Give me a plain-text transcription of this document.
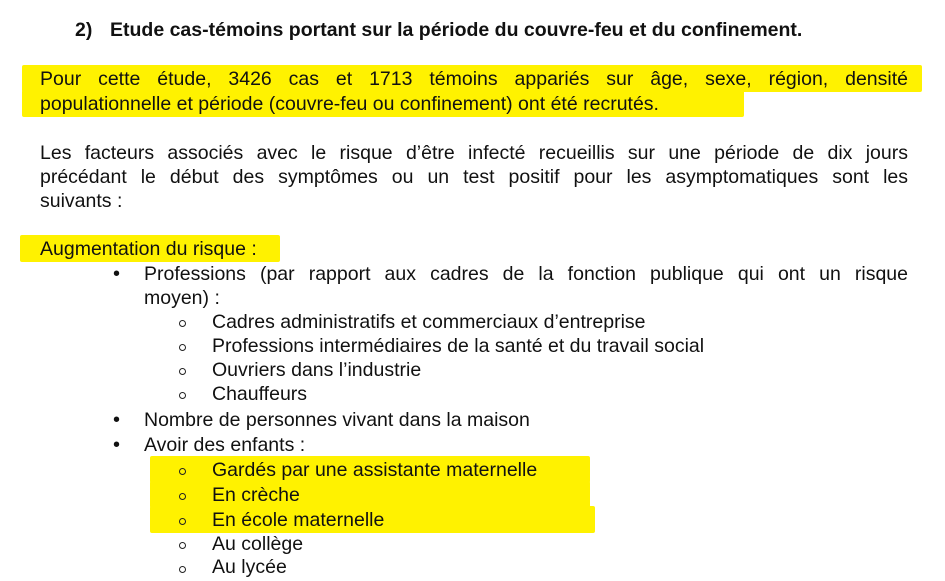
2) Etude cas-témoins portant sur la période du couvre-feu et du confinement.
Pour cette étude, 3426 cas et 1713 témoins appariés sur âge, sexe, région, densité
populationnelle et période (couvre-feu ou confinement) ont été recrutés.
Les facteurs associés avec le risque d’être infecté recueillis sur une période de dix jours
précédant le début des symptômes ou un test positif pour les asymptomatiques sont les
suivants :
Augmentation du risque :
• Professions (par rapport aux cadres de la fonction publique qui ont un risque
moyen) :
Cadres administratifs et commerciaux d’entreprise
Professions intermédiaires de la santé et du travail social
Ouvriers dans l’industrie
Chauffeurs
• Nombre de personnes vivant dans la maison
• Avoir des enfants :
Gardés par une assistante maternelle
En crèche
En école maternelle
Au collège
Au lycée
